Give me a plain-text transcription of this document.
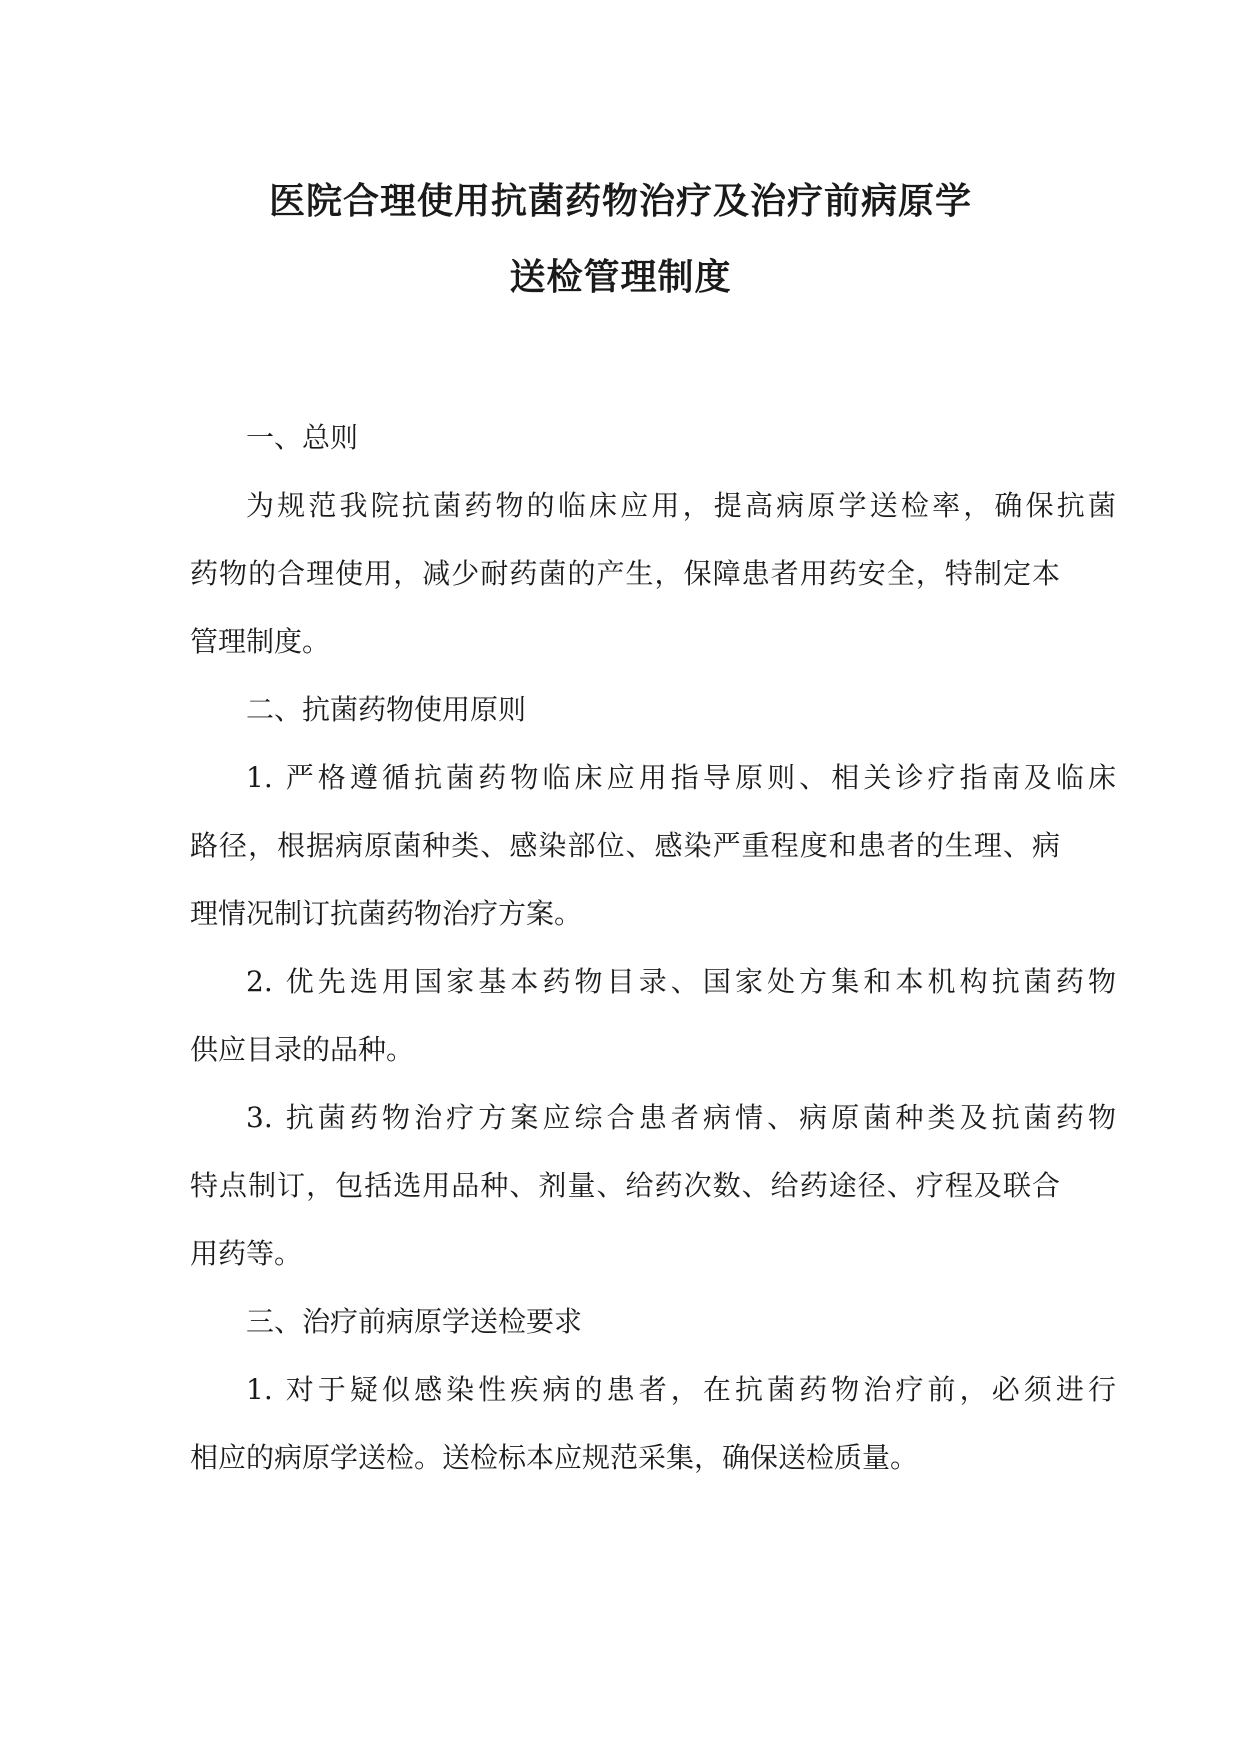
医院合理使用抗菌药物治疗及治疗前病原学
送检管理制度
一、总则
为规范我院抗菌药物的临床应用，提高病原学送检率，确保抗菌
药物的合理使用，减少耐药菌的产生，保障患者用药安全，特制定本
管理制度。
二、抗菌药物使用原则
1. 严格遵循抗菌药物临床应用指导原则、相关诊疗指南及临床
路径，根据病原菌种类、感染部位、感染严重程度和患者的生理、病
理情况制订抗菌药物治疗方案。
2. 优先选用国家基本药物目录、国家处方集和本机构抗菌药物
供应目录的品种。
3. 抗菌药物治疗方案应综合患者病情、病原菌种类及抗菌药物
特点制订，包括选用品种、剂量、给药次数、给药途径、疗程及联合
用药等。
三、治疗前病原学送检要求
1. 对于疑似感染性疾病的患者，在抗菌药物治疗前，必须进行
相应的病原学送检。送检标本应规范采集，确保送检质量。
